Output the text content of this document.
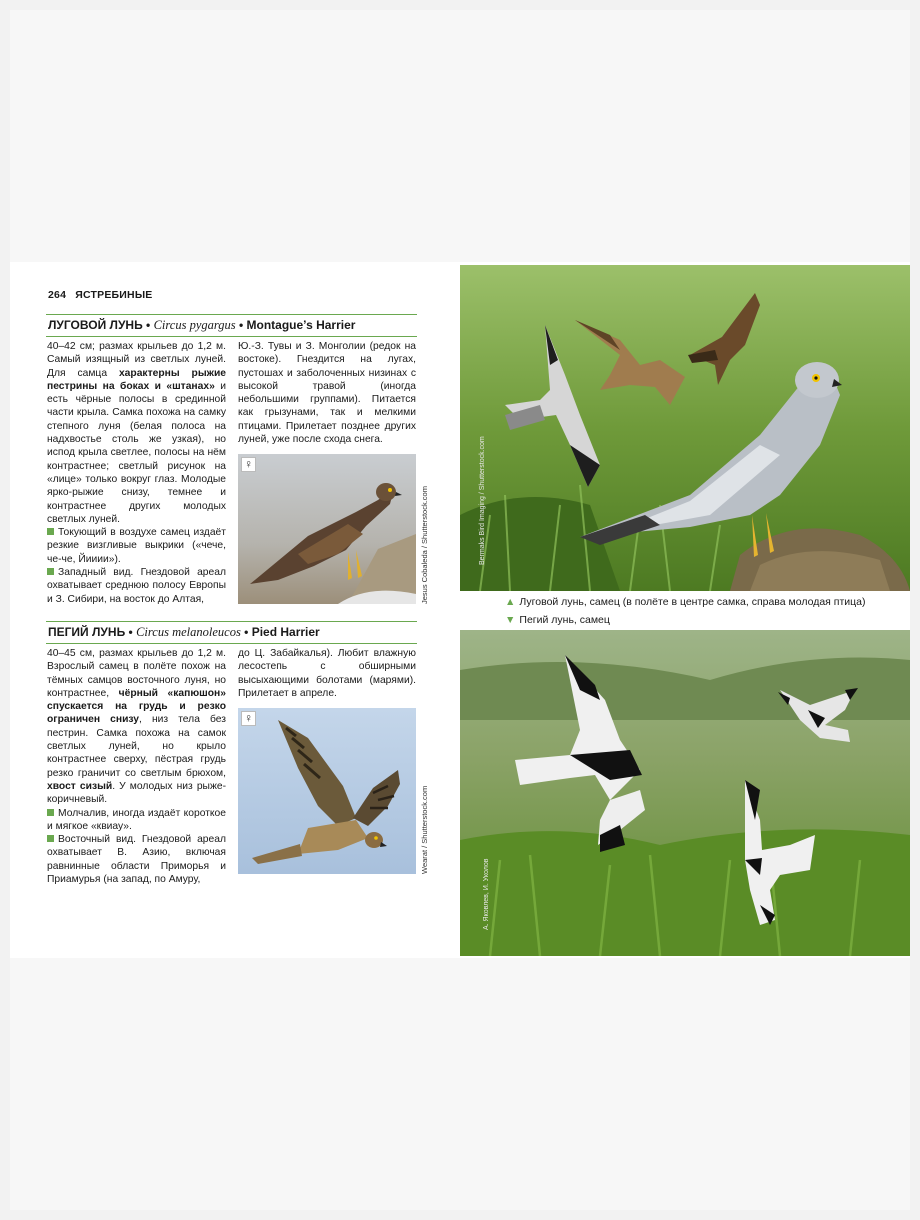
264 ЯСТРЕБИНЫЕ
ЛУГОВОЙ ЛУНЬ • Circus pygargus • Montague’s Harrier

40–42 см; размах крыльев до 1,2 м. Самый изящный из светлых луней. Для самца характерны рыжие пестрины на боках и «штанах» и есть чёрные полосы в срединной части крыла. Самка похожа на самку степного луня (белая полоса на надхвостье столь же узкая), но испод крыла светлее, полосы на нём контрастнее; светлый рисунок на «лице» только вокруг глаз. Молодые ярко-рыжие снизу, темнее и контрастнее других молодых светлых луней.

Токующий в воздухе самец издаёт резкие визгливые выкрики («чече, че-че, Йииии»).

Западный вид. Гнездовой ареал охватывает среднюю полосу Европы и З. Сибири, на восток до Алтая,

Ю.-З. Тувы и З. Монголии (редок на востоке). Гнездится на лугах, пустошах и заболоченных низинах с высокой травой (иногда небольшими группами). Питается как грызунами, так и мелкими птицами. Прилетает позднее других луней, уже после схода снега.

♀
Jesus Cobaleda / Shutterstock.com
ПЕГИЙ ЛУНЬ • Circus melanoleucos • Pied Harrier

40–45 см, размах крыльев до 1,2 м. Взрослый самец в полёте похож на тёмных самцов восточного луня, но контрастнее, чёрный «капюшон» спускается на грудь и резко ограничен снизу, низ тела без пестрин. Самка похожа на самок светлых луней, но крыло контрастнее сверху, пёстрая грудь резко граничит со светлым брюхом, хвост сизый. У молодых низ рыже-коричневый.

Молчалив, иногда издаёт короткое и мягкое «квиау».

Восточный вид. Гнездовой ареал охватывает В. Азию, включая равнинные области Приморья и Приамурья (на запад, по Амуру,

до Ц. Забайкалья). Любит влажную лесостепь с обширными высыхающими болотами (марями). Прилетает в апреле.

♀
Wearat / Shutterstock.com
Bermaks Bird Imaging / Shutterstock.com
▲ Луговой лунь, самец (в полёте в центре самка, справа молодая птица)
▼ Пегий лунь, самец
А. Яковлев, И. Уколов
